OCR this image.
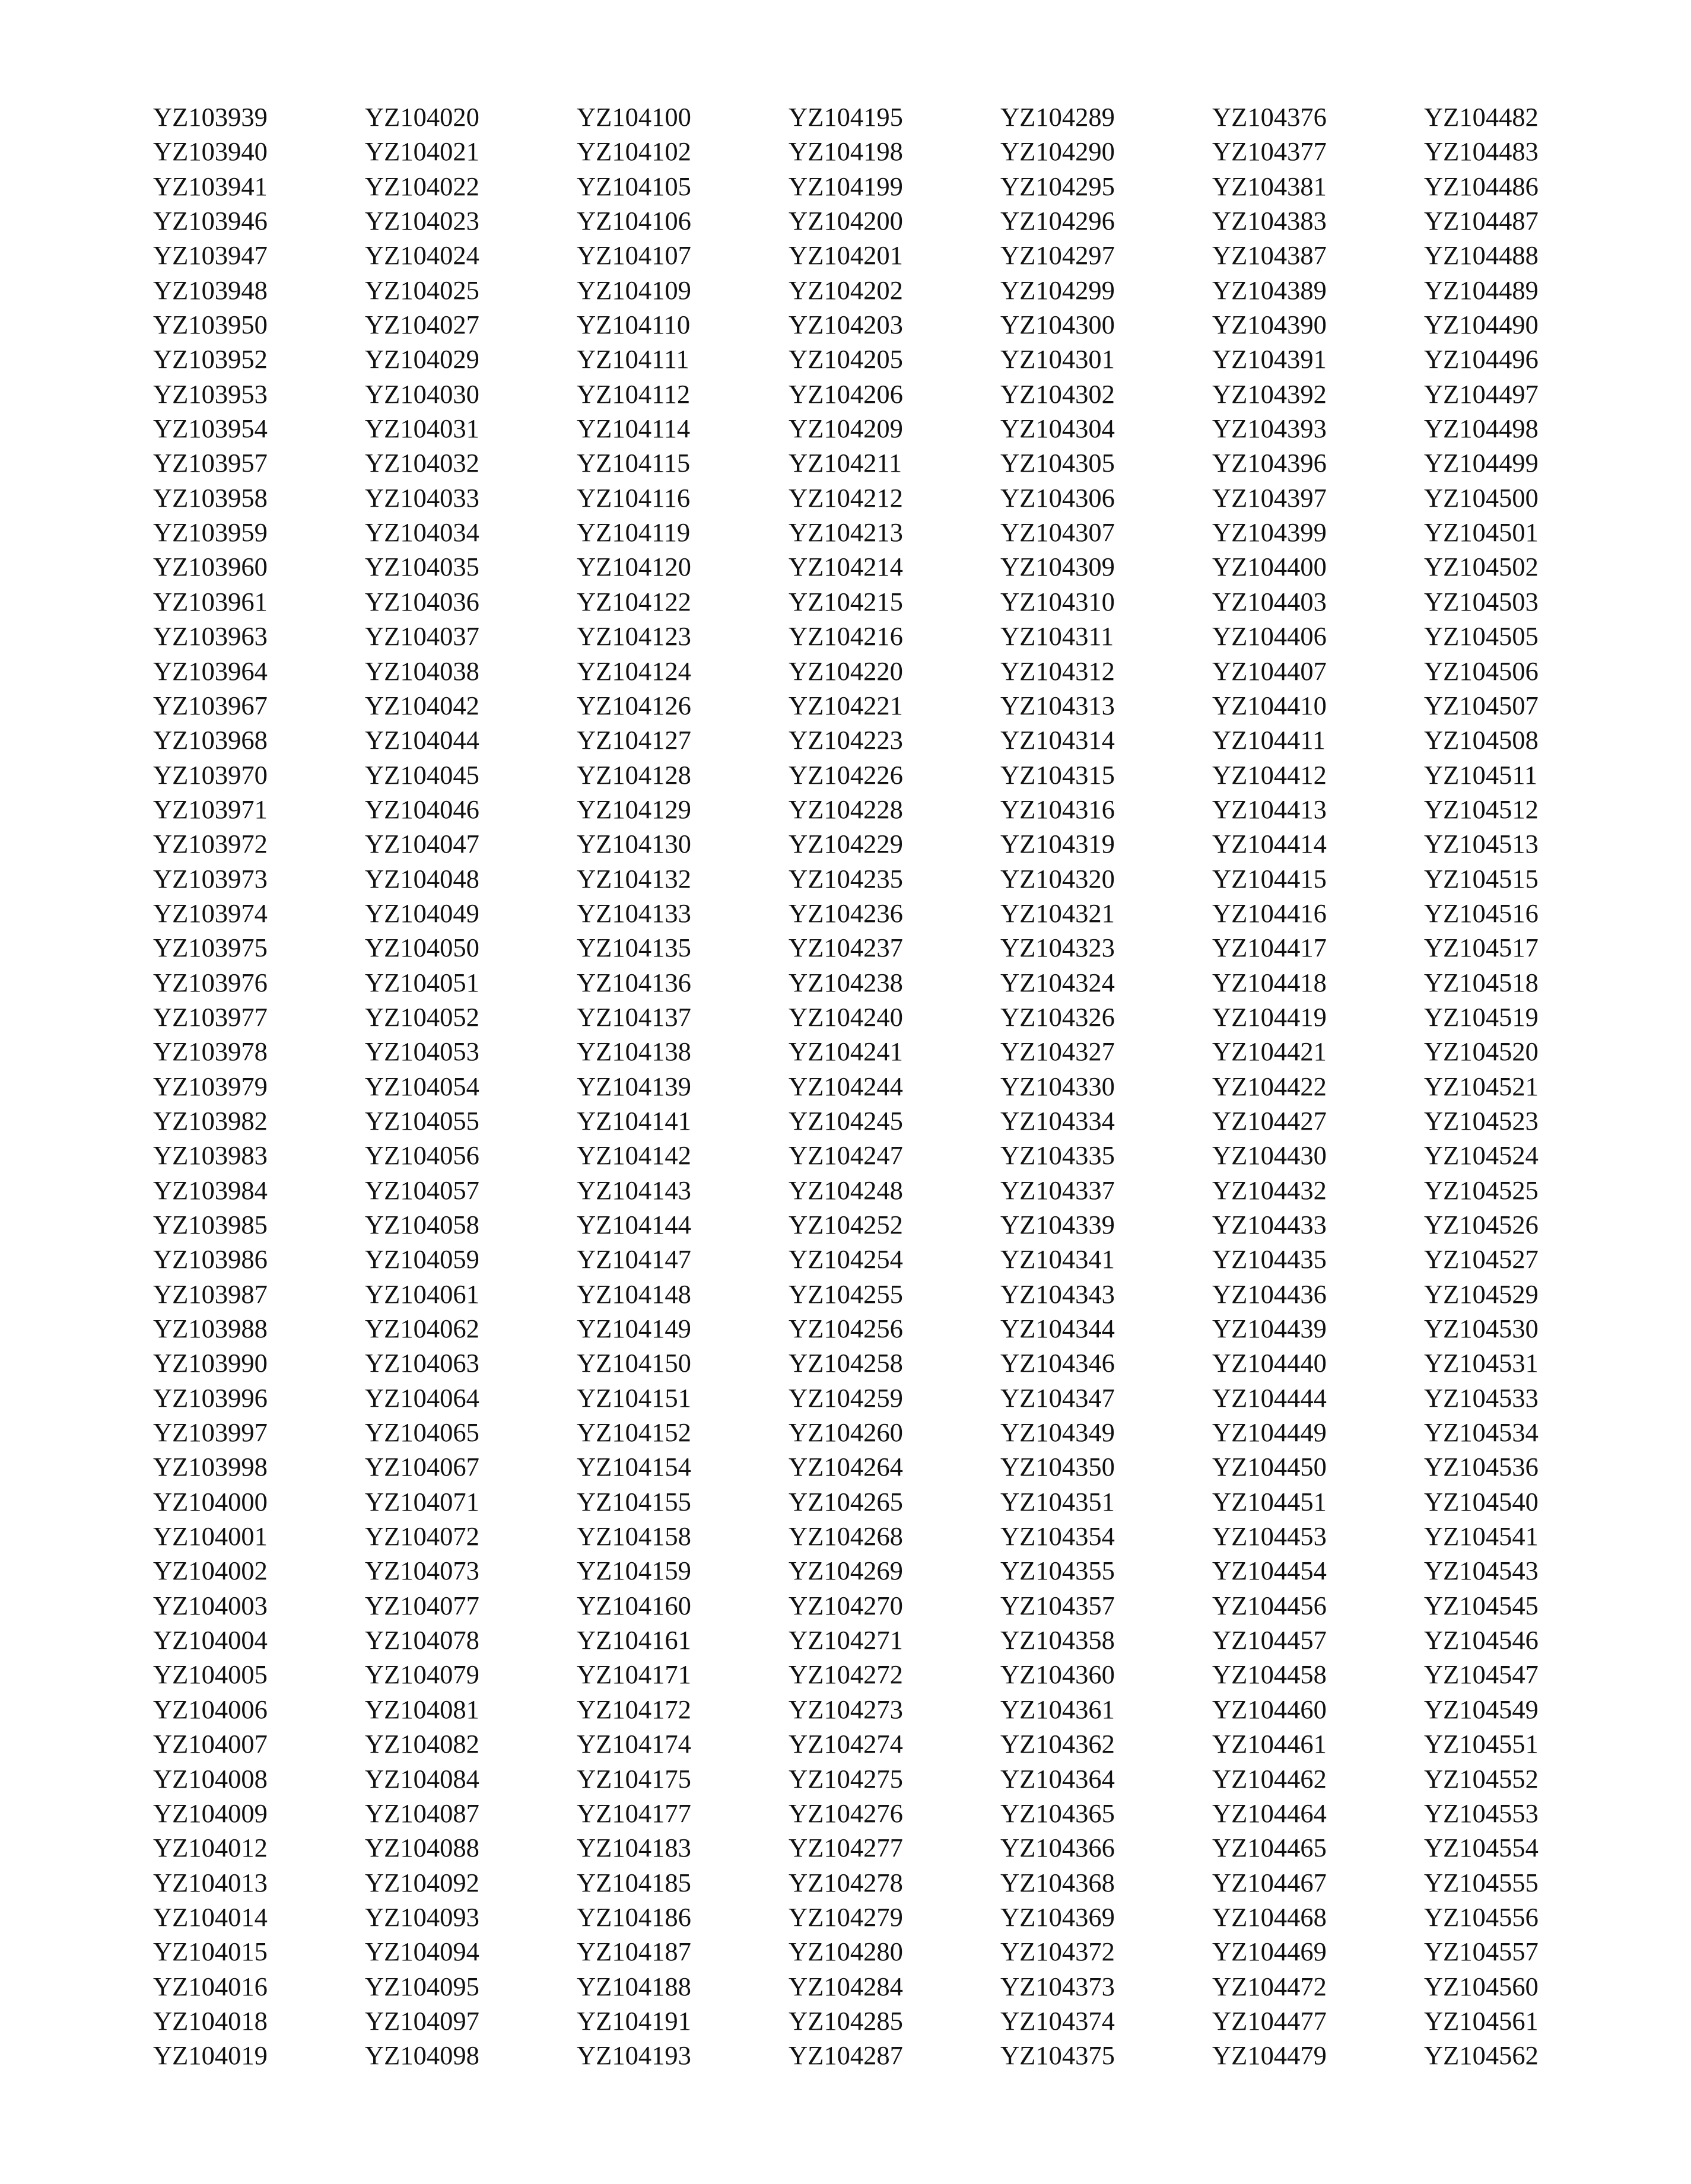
YZ103939
YZ103940
YZ103941
YZ103946
YZ103947
YZ103948
YZ103950
YZ103952
YZ103953
YZ103954
YZ103957
YZ103958
YZ103959
YZ103960
YZ103961
YZ103963
YZ103964
YZ103967
YZ103968
YZ103970
YZ103971
YZ103972
YZ103973
YZ103974
YZ103975
YZ103976
YZ103977
YZ103978
YZ103979
YZ103982
YZ103983
YZ103984
YZ103985
YZ103986
YZ103987
YZ103988
YZ103990
YZ103996
YZ103997
YZ103998
YZ104000
YZ104001
YZ104002
YZ104003
YZ104004
YZ104005
YZ104006
YZ104007
YZ104008
YZ104009
YZ104012
YZ104013
YZ104014
YZ104015
YZ104016
YZ104018
YZ104019
YZ104020
YZ104021
YZ104022
YZ104023
YZ104024
YZ104025
YZ104027
YZ104029
YZ104030
YZ104031
YZ104032
YZ104033
YZ104034
YZ104035
YZ104036
YZ104037
YZ104038
YZ104042
YZ104044
YZ104045
YZ104046
YZ104047
YZ104048
YZ104049
YZ104050
YZ104051
YZ104052
YZ104053
YZ104054
YZ104055
YZ104056
YZ104057
YZ104058
YZ104059
YZ104061
YZ104062
YZ104063
YZ104064
YZ104065
YZ104067
YZ104071
YZ104072
YZ104073
YZ104077
YZ104078
YZ104079
YZ104081
YZ104082
YZ104084
YZ104087
YZ104088
YZ104092
YZ104093
YZ104094
YZ104095
YZ104097
YZ104098
YZ104100
YZ104102
YZ104105
YZ104106
YZ104107
YZ104109
YZ104110
YZ104111
YZ104112
YZ104114
YZ104115
YZ104116
YZ104119
YZ104120
YZ104122
YZ104123
YZ104124
YZ104126
YZ104127
YZ104128
YZ104129
YZ104130
YZ104132
YZ104133
YZ104135
YZ104136
YZ104137
YZ104138
YZ104139
YZ104141
YZ104142
YZ104143
YZ104144
YZ104147
YZ104148
YZ104149
YZ104150
YZ104151
YZ104152
YZ104154
YZ104155
YZ104158
YZ104159
YZ104160
YZ104161
YZ104171
YZ104172
YZ104174
YZ104175
YZ104177
YZ104183
YZ104185
YZ104186
YZ104187
YZ104188
YZ104191
YZ104193
YZ104195
YZ104198
YZ104199
YZ104200
YZ104201
YZ104202
YZ104203
YZ104205
YZ104206
YZ104209
YZ104211
YZ104212
YZ104213
YZ104214
YZ104215
YZ104216
YZ104220
YZ104221
YZ104223
YZ104226
YZ104228
YZ104229
YZ104235
YZ104236
YZ104237
YZ104238
YZ104240
YZ104241
YZ104244
YZ104245
YZ104247
YZ104248
YZ104252
YZ104254
YZ104255
YZ104256
YZ104258
YZ104259
YZ104260
YZ104264
YZ104265
YZ104268
YZ104269
YZ104270
YZ104271
YZ104272
YZ104273
YZ104274
YZ104275
YZ104276
YZ104277
YZ104278
YZ104279
YZ104280
YZ104284
YZ104285
YZ104287
YZ104289
YZ104290
YZ104295
YZ104296
YZ104297
YZ104299
YZ104300
YZ104301
YZ104302
YZ104304
YZ104305
YZ104306
YZ104307
YZ104309
YZ104310
YZ104311
YZ104312
YZ104313
YZ104314
YZ104315
YZ104316
YZ104319
YZ104320
YZ104321
YZ104323
YZ104324
YZ104326
YZ104327
YZ104330
YZ104334
YZ104335
YZ104337
YZ104339
YZ104341
YZ104343
YZ104344
YZ104346
YZ104347
YZ104349
YZ104350
YZ104351
YZ104354
YZ104355
YZ104357
YZ104358
YZ104360
YZ104361
YZ104362
YZ104364
YZ104365
YZ104366
YZ104368
YZ104369
YZ104372
YZ104373
YZ104374
YZ104375
YZ104376
YZ104377
YZ104381
YZ104383
YZ104387
YZ104389
YZ104390
YZ104391
YZ104392
YZ104393
YZ104396
YZ104397
YZ104399
YZ104400
YZ104403
YZ104406
YZ104407
YZ104410
YZ104411
YZ104412
YZ104413
YZ104414
YZ104415
YZ104416
YZ104417
YZ104418
YZ104419
YZ104421
YZ104422
YZ104427
YZ104430
YZ104432
YZ104433
YZ104435
YZ104436
YZ104439
YZ104440
YZ104444
YZ104449
YZ104450
YZ104451
YZ104453
YZ104454
YZ104456
YZ104457
YZ104458
YZ104460
YZ104461
YZ104462
YZ104464
YZ104465
YZ104467
YZ104468
YZ104469
YZ104472
YZ104477
YZ104479
YZ104482
YZ104483
YZ104486
YZ104487
YZ104488
YZ104489
YZ104490
YZ104496
YZ104497
YZ104498
YZ104499
YZ104500
YZ104501
YZ104502
YZ104503
YZ104505
YZ104506
YZ104507
YZ104508
YZ104511
YZ104512
YZ104513
YZ104515
YZ104516
YZ104517
YZ104518
YZ104519
YZ104520
YZ104521
YZ104523
YZ104524
YZ104525
YZ104526
YZ104527
YZ104529
YZ104530
YZ104531
YZ104533
YZ104534
YZ104536
YZ104540
YZ104541
YZ104543
YZ104545
YZ104546
YZ104547
YZ104549
YZ104551
YZ104552
YZ104553
YZ104554
YZ104555
YZ104556
YZ104557
YZ104560
YZ104561
YZ104562
